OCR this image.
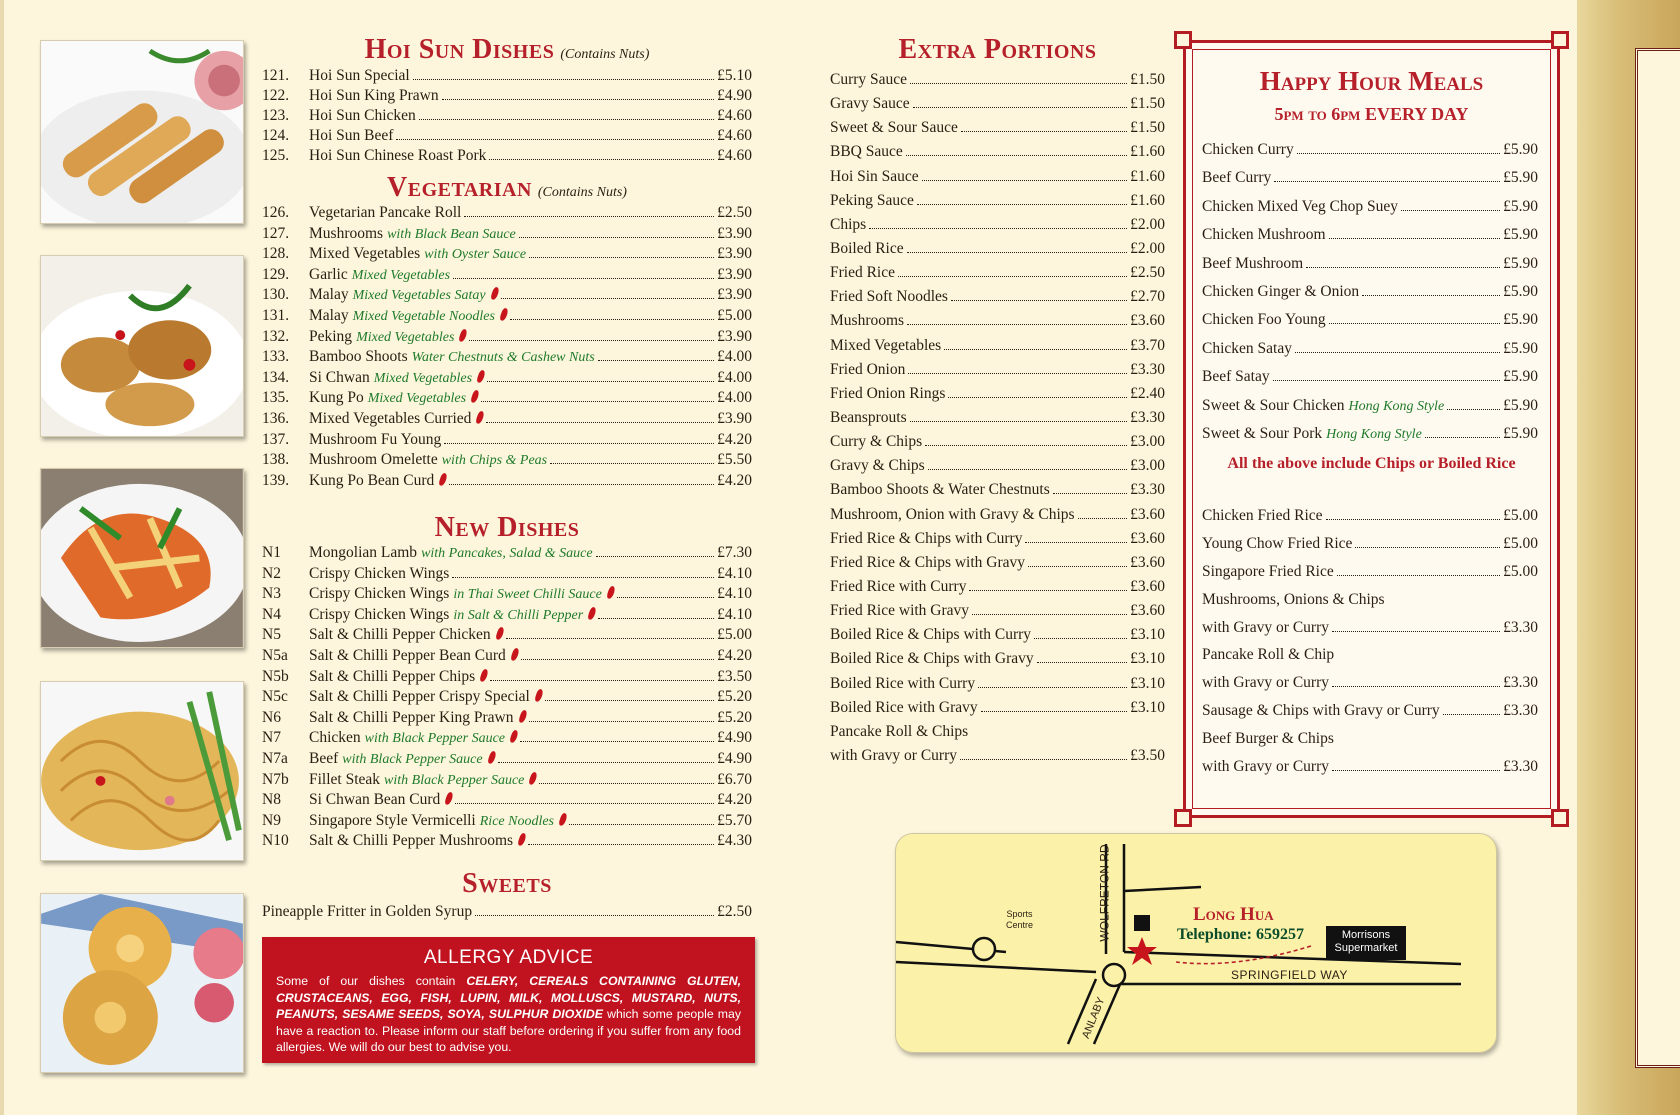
Hoi Sun Dishes (Contains Nuts)
121.	Hoi Sun Special	£5.10
122.	Hoi Sun King Prawn	£4.90
123.	Hoi Sun Chicken	£4.60
124.	Hoi Sun Beef	£4.60
125.	Hoi Sun Chinese Roast Pork	£4.60
Vegetarian (Contains Nuts)
126.	Vegetarian Pancake Roll	£2.50
127.	Mushrooms with Black Bean Sauce	£3.90
128.	Mixed Vegetables with Oyster Sauce	£3.90
129.	Garlic Mixed Vegetables	£3.90
130.	Malay Mixed Vegetables Satay	£3.90
131.	Malay Mixed Vegetable Noodles	£5.00
132.	Peking Mixed Vegetables	£3.90
133.	Bamboo Shoots Water Chestnuts & Cashew Nuts	£4.00
134.	Si Chwan Mixed Vegetables	£4.00
135.	Kung Po Mixed Vegetables	£4.00
136.	Mixed Vegetables Curried	£3.90
137.	Mushroom Fu Young	£4.20
138.	Mushroom Omelette with Chips & Peas	£5.50
139.	Kung Po Bean Curd	£4.20
New Dishes
N1	Mongolian Lamb with Pancakes, Salad & Sauce	£7.30
N2	Crispy Chicken Wings	£4.10
N3	Crispy Chicken Wings in Thai Sweet Chilli Sauce	£4.10
N4	Crispy Chicken Wings in Salt & Chilli Pepper	£4.10
N5	Salt & Chilli Pepper Chicken	£5.00
N5a	Salt & Chilli Pepper Bean Curd	£4.20
N5b	Salt & Chilli Pepper Chips	£3.50
N5c	Salt & Chilli Pepper Crispy Special	£5.20
N6	Salt & Chilli Pepper King Prawn	£5.20
N7	Chicken with Black Pepper Sauce	£4.90
N7a	Beef with Black Pepper Sauce	£4.90
N7b	Fillet Steak with Black Pepper Sauce	£6.70
N8	Si Chwan Bean Curd	£4.20
N9	Singapore Style Vermicelli Rice Noodles	£5.70
N10	Salt & Chilli Pepper Mushrooms	£4.30
Sweets
Pineapple Fritter in Golden Syrup	£2.50
ALLERGY ADVICE

Some of our dishes contain CELERY, CEREALS CONTAINING GLUTEN, CRUSTACEANS, EGG, FISH, LUPIN, MILK, MOLLUSCS, MUSTARD, NUTS, PEANUTS, SESAME SEEDS, SOYA, SULPHUR DIOXIDE which some people may have a reaction to. Please inform our staff before ordering if you suffer from any food allergies. We will do our best to advise you.

Extra Portions
Curry Sauce	£1.50
Gravy Sauce	£1.50
Sweet & Sour Sauce	£1.50
BBQ Sauce	£1.60
Hoi Sin Sauce	£1.60
Peking Sauce	£1.60
Chips	£2.00
Boiled Rice	£2.00
Fried Rice	£2.50
Fried Soft Noodles	£2.70
Mushrooms	£3.60
Mixed Vegetables	£3.70
Fried Onion	£3.30
Fried Onion Rings	£2.40
Beansprouts	£3.30
Curry & Chips	£3.00
Gravy & Chips	£3.00
Bamboo Shoots & Water Chestnuts	£3.30
Mushroom, Onion with Gravy & Chips	£3.60
Fried Rice & Chips with Curry	£3.60
Fried Rice & Chips with Gravy	£3.60
Fried Rice with Curry	£3.60
Fried Rice with Gravy	£3.60
Boiled Rice & Chips with Curry	£3.10
Boiled Rice & Chips with Gravy	£3.10
Boiled Rice with Curry	£3.10
Boiled Rice with Gravy	£3.10
Pancake Roll & Chips
with Gravy or Curry	£3.50
Happy Hour Meals
5pm to 6pm EVERY DAY
Chicken Curry	£5.90
Beef Curry	£5.90
Chicken Mixed Veg Chop Suey	£5.90
Chicken Mushroom	£5.90
Beef Mushroom	£5.90
Chicken Ginger & Onion	£5.90
Chicken Foo Young	£5.90
Chicken Satay	£5.90
Beef Satay	£5.90
Sweet & Sour Chicken Hong Kong Style	£5.90
Sweet & Sour Pork Hong Kong Style	£5.90
All the above include Chips or Boiled Rice
Chicken Fried Rice	£5.00
Young Chow Fried Rice	£5.00
Singapore Fried Rice	£5.00
Mushrooms, Onions & Chips
with Gravy or Curry	£3.30
Pancake Roll & Chip
with Gravy or Curry	£3.30
Sausage & Chips with Gravy or Curry	£3.30
Beef Burger & Chips
with Gravy or Curry	£3.30
Sports
Centre	WOLFRETON RD	Long Hua
Telephone: 659257	Morrisons
Supermarket
SPRINGFIELD WAY
ANLABY
